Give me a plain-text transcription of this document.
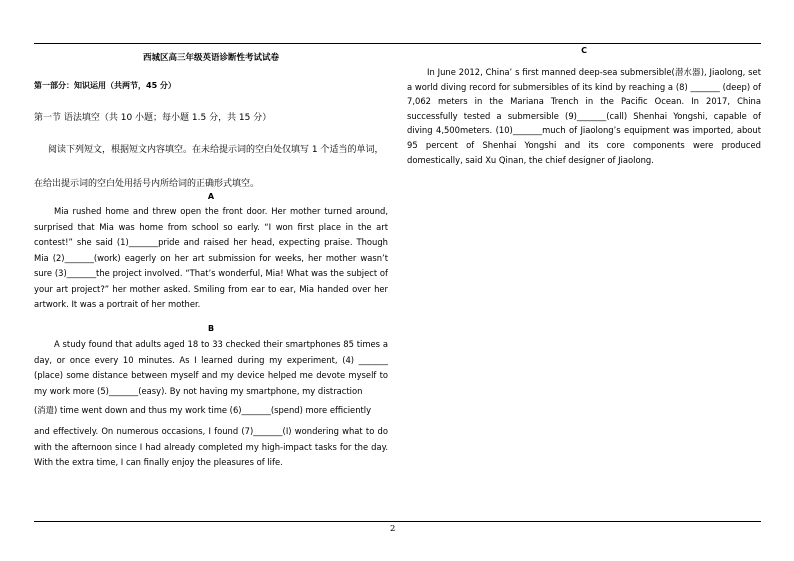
西城区高三年级英语诊断性考试试卷
第一部分：知识运用（共两节，45 分）
第一节 语法填空（共 10 小题；每小题 1.5 分，共 15 分）
阅读下列短文，根据短文内容填空。在未给提示词的空白处仅填写 1 个适当的单词，在给出提示词的空白处用括号内所给词的正确形式填空。
A
Mia rushed home and threw open the front door. Her mother turned around, surprised that Mia was home from school so early. “I won first place in the art contest!” she said (1)_______pride and raised her head, expecting praise. Though Mia (2)_______(work) eagerly on her art submission for weeks, her mother wasn’t sure (3)_______the project involved. “That’s wonderful, Mia! What was the subject of your art project?” her mother asked. Smiling from ear to ear, Mia handed over her artwork. It was a portrait of her mother.
B
A study found that adults aged 18 to 33 checked their smartphones 85 times a day, or once every 10 minutes. As I learned during my experiment, (4) _______ (place) some distance between myself and my device helped me devote myself to my work more (5)_______(easy). By not having my smartphone, my distraction
(消遣) time went down and thus my work time (6)_______(spend) more efficiently
and effectively. On numerous occasions, I found (7)_______(I) wondering what to do with the afternoon since I had already completed my high-impact tasks for the day. With the extra time, I can finally enjoy the pleasures of life.
C
In June 2012, China’ s first manned deep-sea submersible(潜水器), Jiaolong, set a world diving record for submersibles of its kind by reaching a (8) _______ (deep) of 7,062 meters in the Mariana Trench in the Pacific Ocean. In 2017, China successfully tested a submersible (9)_______(call) Shenhai Yongshi, capable of diving 4,500meters. (10)_______much of Jiaolong’s equipment was imported, about 95 percent of Shenhai Yongshi and its core components were produced domestically, said Xu Qinan, the chief designer of Jiaolong.
2
